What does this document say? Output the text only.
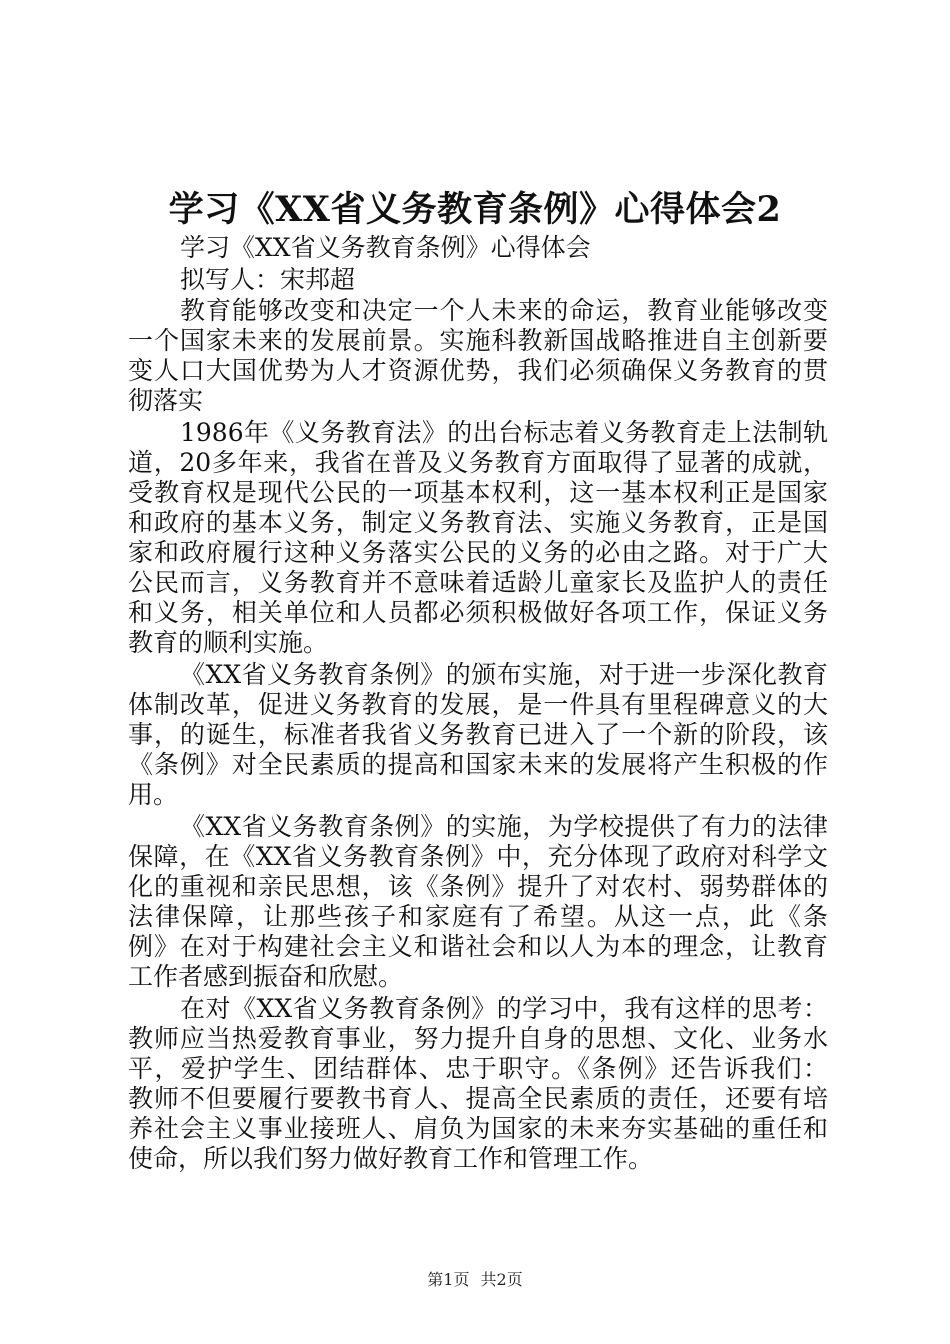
学习《XX省义务教育条例》心得体会2
学习《XX省义务教育条例》心得体会
拟写人：宋邦超
教育能够改变和决定一个人未来的命运，教育业能够改变
一个国家未来的发展前景。实施科教新国战略推进自主创新要
变人口大国优势为人才资源优势，我们必须确保义务教育的贯
彻落实
1986年《义务教育法》的出台标志着义务教育走上法制轨
道，20多年来，我省在普及义务教育方面取得了显著的成就，
受教育权是现代公民的一项基本权利，这一基本权利正是国家
和政府的基本义务，制定义务教育法、实施义务教育，正是国
家和政府履行这种义务落实公民的义务的必由之路。对于广大
公民而言，义务教育并不意味着适龄儿童家长及监护人的责任
和义务，相关单位和人员都必须积极做好各项工作，保证义务
教育的顺利实施。
《XX省义务教育条例》的颁布实施，对于进一步深化教育
体制改革，促进义务教育的发展，是一件具有里程碑意义的大
事，的诞生，标准者我省义务教育已进入了一个新的阶段，该
《条例》对全民素质的提高和国家未来的发展将产生积极的作
用。
《XX省义务教育条例》的实施，为学校提供了有力的法律
保障，在《XX省义务教育条例》中，充分体现了政府对科学文
化的重视和亲民思想，该《条例》提升了对农村、弱势群体的
法律保障，让那些孩子和家庭有了希望。从这一点，此《条
例》在对于构建社会主义和谐社会和以人为本的理念，让教育
工作者感到振奋和欣慰。
在对《XX省义务教育条例》的学习中，我有这样的思考：
教师应当热爱教育事业，努力提升自身的思想、文化、业务水
平，爱护学生、团结群体、忠于职守。《条例》还告诉我们：
教师不但要履行要教书育人、提高全民素质的责任，还要有培
养社会主义事业接班人、肩负为国家的未来夯实基础的重任和
使命，所以我们努力做好教育工作和管理工作。
第1页 共2页
